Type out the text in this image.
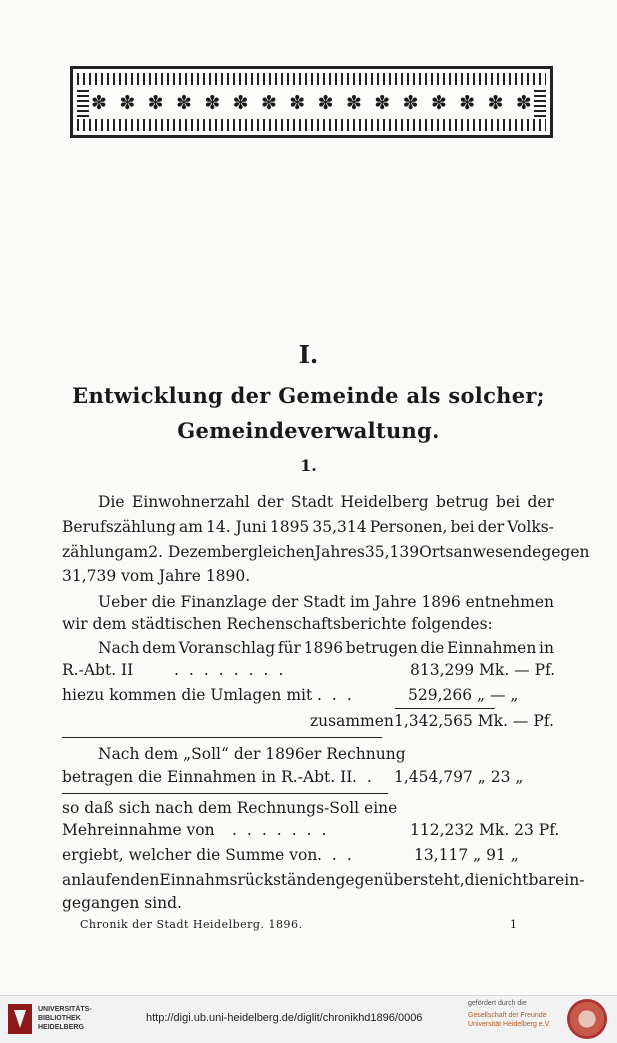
✽ ✽ ✽ ✽ ✽ ✽ ✽ ✽ ✽ ✽ ✽ ✽ ✽ ✽ ✽ ✽
I.
Entwicklung der Gemeinde als solcher;
Gemeindeverwaltung.
1.
Die Einwohnerzahl der Stadt Heidelberg betrug bei der
Berufszählung am 14. Juni 1895 35,314 Personen, bei der Volks-
zählung am 2. Dezember gleichen Jahres 35,139 Ortsanwesende gegen
31,739 vom Jahre 1890.
Ueber die Finanzlage der Stadt im Jahre 1896 entnehmen
wir dem städtischen Rechenschaftsberichte folgendes:
Nach dem Voranschlag für 1896 betrugen die Einnahmen in
R.-Abt. II	........	813,299 Mk. — Pf.
hiezu kommen die Umlagen mit ...	529,266 „ — „
zusammen 1,342,565 Mk. — Pf.
Nach dem „Soll“ der 1896er Rechnung
betragen die Einnahmen in R.-Abt. II .. 1,454,797 „ 23 „
so daß sich nach dem Rechnungs-Soll eine
Mehreinnahme von .......	112,232 Mk. 23 Pf.
ergiebt, welcher die Summe von ...	13,117 „ 91 „
an laufenden Einnahmsrückständen gegenübersteht, die nicht bar ein-
gegangen sind.
Chronik der Stadt Heidelberg. 1896.	1
UNIVERSITÄTS-
BIBLIOTHEK
HEIDELBERG
http://digi.ub.uni-heidelberg.de/diglit/chronikhd1896/0006
gefördert durch die
Gesellschaft der Freunde
Universität Heidelberg e.V.
